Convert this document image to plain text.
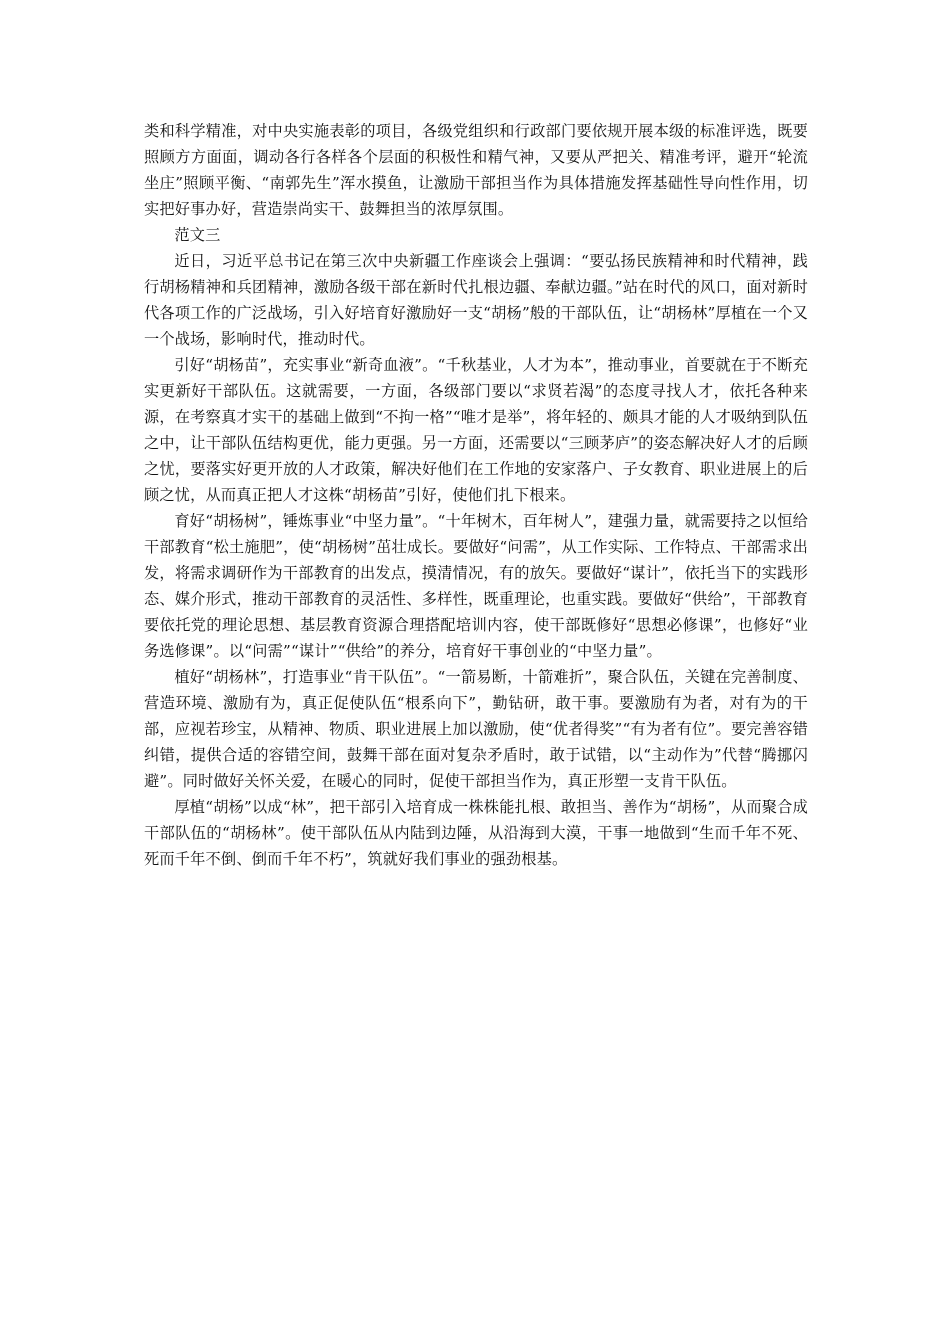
类和科学精准，对中央实施表彰的项目，各级党组织和行政部门要依规开展本级的标准评选，既要照顾方方面面，调动各行各样各个层面的积极性和精气神，又要从严把关、精准考评，避开“轮流坐庄”照顾平衡、“南郭先生”浑水摸鱼，让激励干部担当作为具体措施发挥基础性导向性作用，切实把好事办好，营造崇尚实干、鼓舞担当的浓厚氛围。

范文三

近日，习近平总书记在第三次中央新疆工作座谈会上强调：“要弘扬民族精神和时代精神，践行胡杨精神和兵团精神，激励各级干部在新时代扎根边疆、奉献边疆。”站在时代的风口，面对新时代各项工作的广泛战场，引入好培育好激励好一支“胡杨”般的干部队伍，让“胡杨林”厚植在一个又一个战场，影响时代，推动时代。

引好“胡杨苗”，充实事业“新奇血液”。“千秋基业，人才为本”，推动事业，首要就在于不断充实更新好干部队伍。这就需要，一方面，各级部门要以“求贤若渴”的态度寻找人才，依托各种来源，在考察真才实干的基础上做到“不拘一格”“唯才是举”，将年轻的、颇具才能的人才吸纳到队伍之中，让干部队伍结构更优，能力更强。另一方面，还需要以“三顾茅庐”的姿态解决好人才的后顾之忧，要落实好更开放的人才政策，解决好他们在工作地的安家落户、子女教育、职业进展上的后顾之忧，从而真正把人才这株“胡杨苗”引好，使他们扎下根来。

育好“胡杨树”，锤炼事业“中坚力量”。“十年树木，百年树人”，建强力量，就需要持之以恒给干部教育“松土施肥”，使“胡杨树”茁壮成长。要做好“问需”，从工作实际、工作特点、干部需求出发，将需求调研作为干部教育的出发点，摸清情况，有的放矢。要做好“谋计”，依托当下的实践形态、媒介形式，推动干部教育的灵活性、多样性，既重理论，也重实践。要做好“供给”，干部教育要依托党的理论思想、基层教育资源合理搭配培训内容，使干部既修好“思想必修课”，也修好“业务选修课”。以“问需”“谋计”“供给”的养分，培育好干事创业的“中坚力量”。

植好“胡杨林”，打造事业“肯干队伍”。“一箭易断，十箭难折”，聚合队伍，关键在完善制度、营造环境、激励有为，真正促使队伍“根系向下”，勤钻研，敢干事。要激励有为者，对有为的干部，应视若珍宝，从精神、物质、职业进展上加以激励，使“优者得奖”“有为者有位”。要完善容错纠错，提供合适的容错空间，鼓舞干部在面对复杂矛盾时，敢于试错，以“主动作为”代替“腾挪闪避”。同时做好关怀关爱，在暖心的同时，促使干部担当作为，真正形塑一支肯干队伍。

厚植“胡杨”以成“林”，把干部引入培育成一株株能扎根、敢担当、善作为“胡杨”，从而聚合成干部队伍的“胡杨林”。使干部队伍从内陆到边陲，从沿海到大漠，干事一地做到“生而千年不死、死而千年不倒、倒而千年不朽”，筑就好我们事业的强劲根基。
